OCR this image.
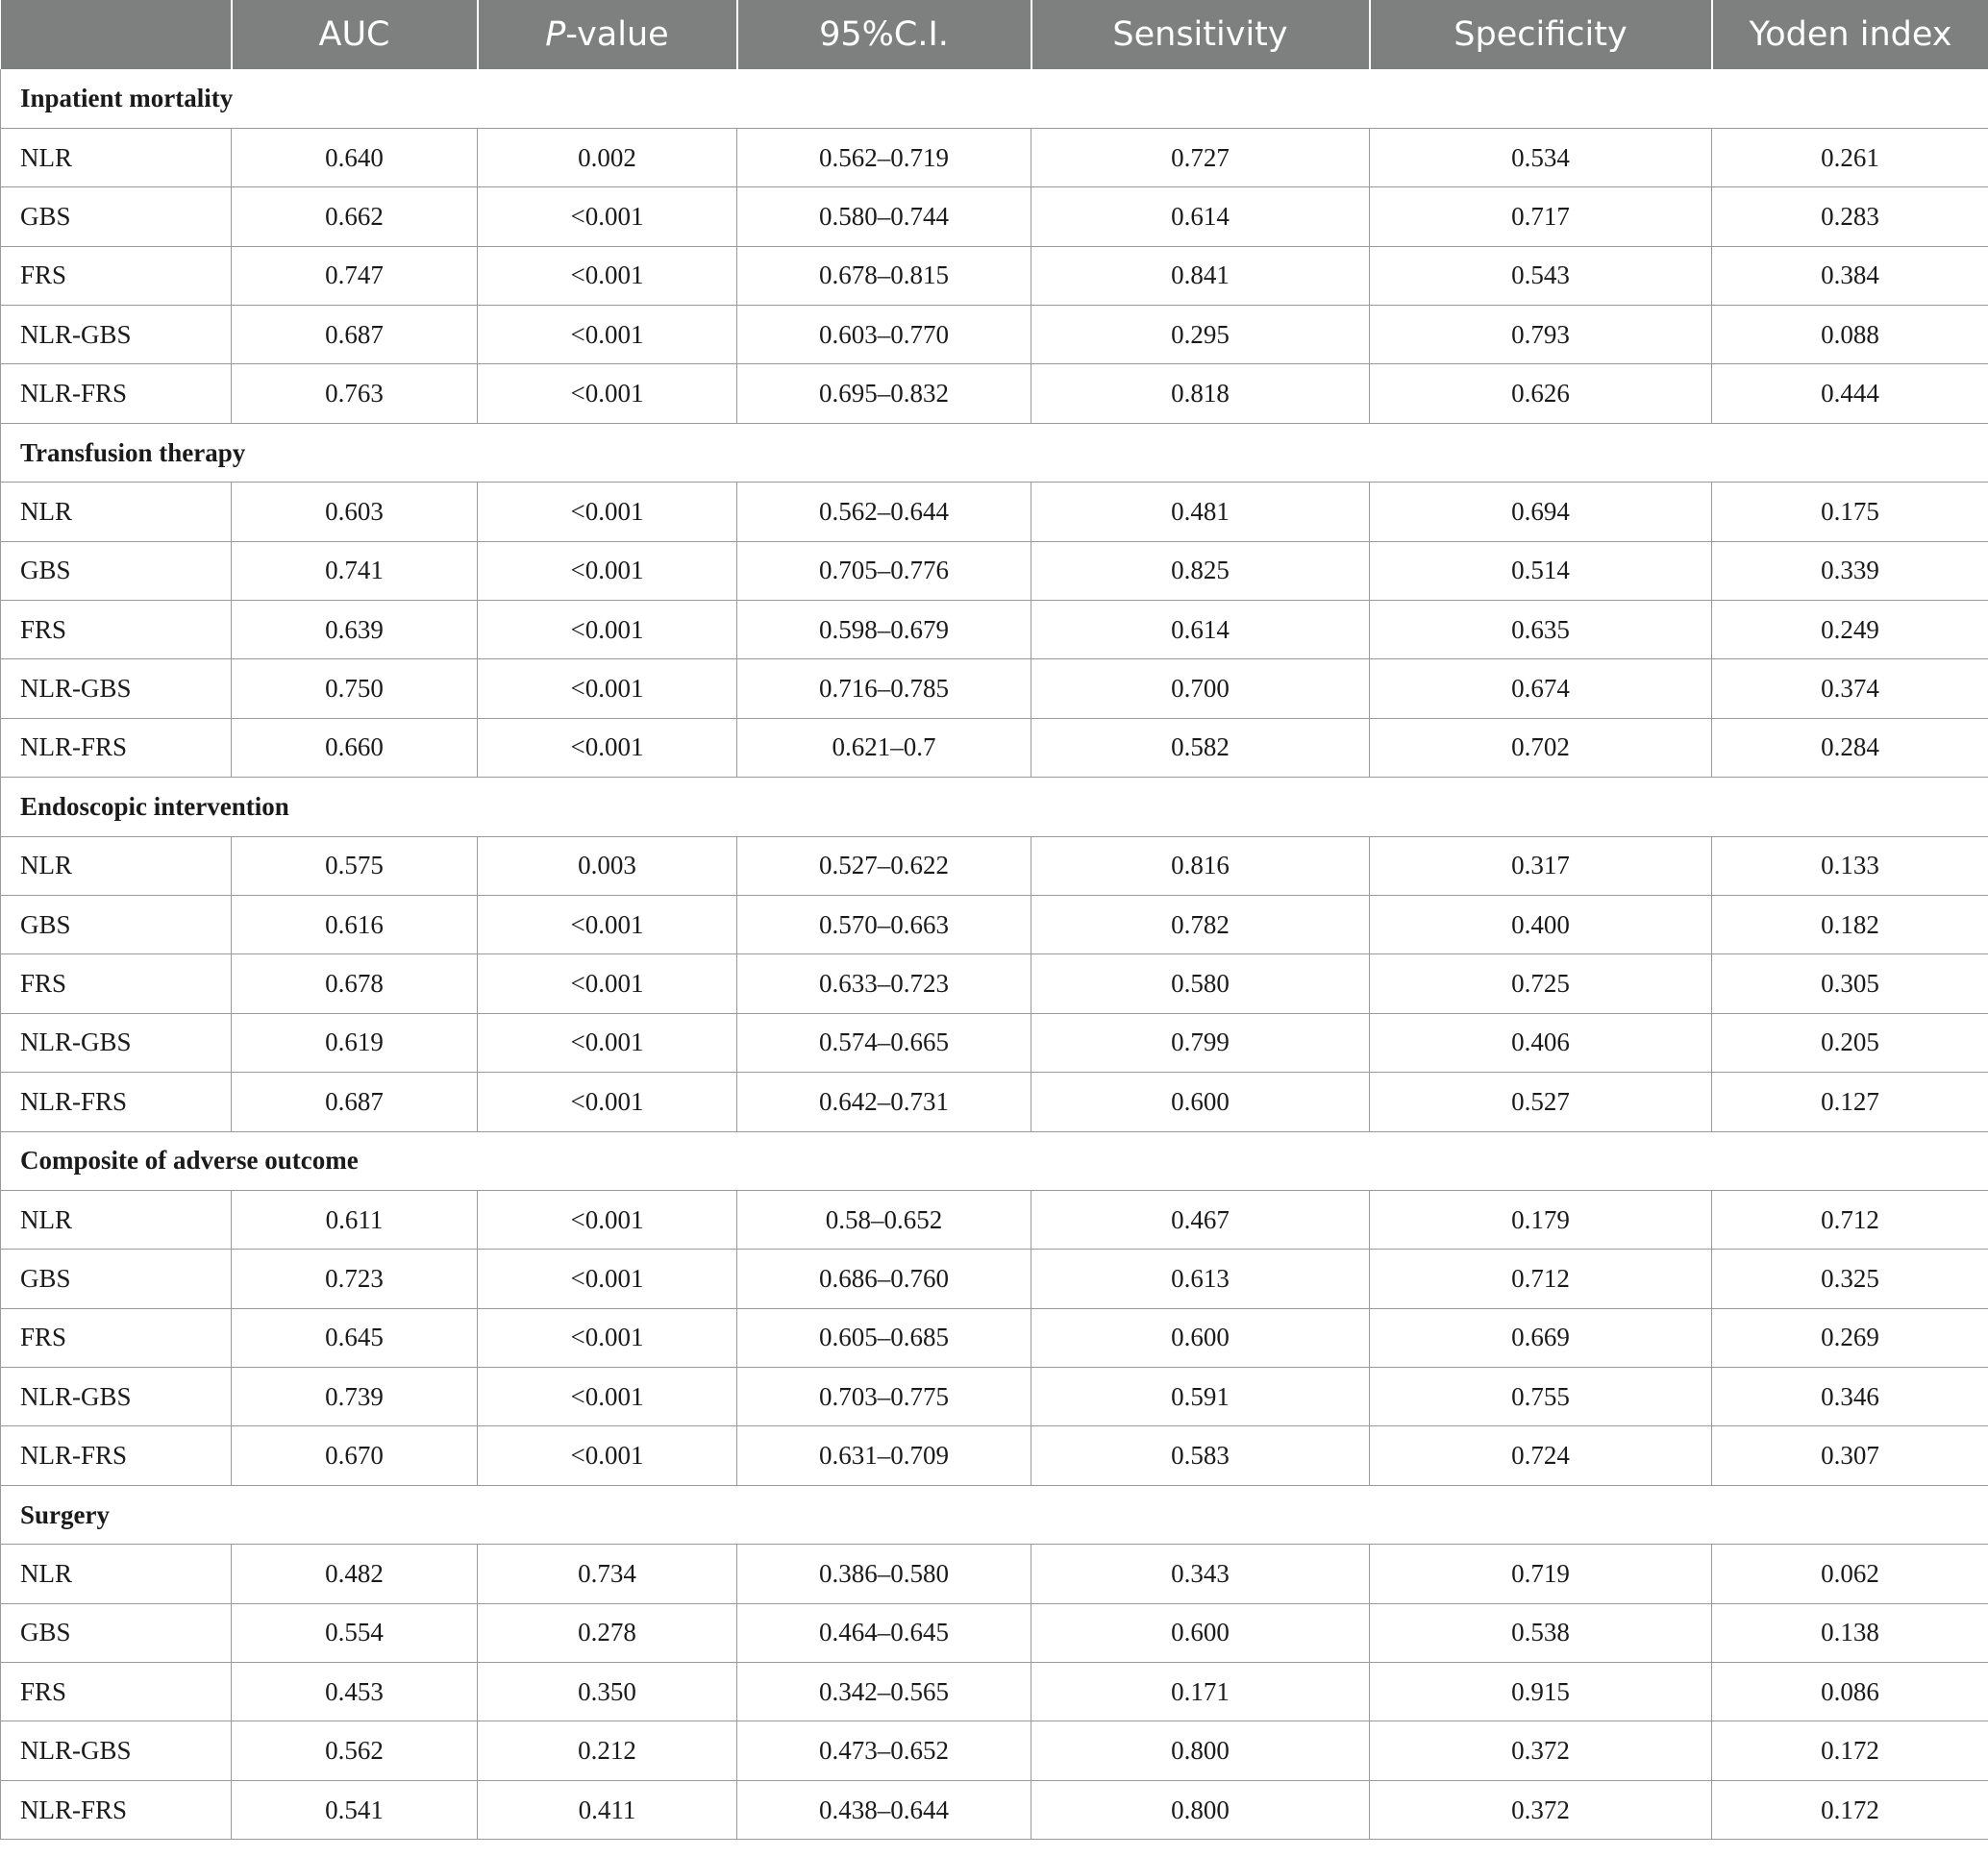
	AUC	P-value	95%C.I.	Sensitivity	Specificity	Yoden index
Inpatient mortality						
NLR	0.640	0.002	0.562–0.719	0.727	0.534	0.261
GBS	0.662	<0.001	0.580–0.744	0.614	0.717	0.283
FRS	0.747	<0.001	0.678–0.815	0.841	0.543	0.384
NLR-GBS	0.687	<0.001	0.603–0.770	0.295	0.793	0.088
NLR-FRS	0.763	<0.001	0.695–0.832	0.818	0.626	0.444
Transfusion therapy						
NLR	0.603	<0.001	0.562–0.644	0.481	0.694	0.175
GBS	0.741	<0.001	0.705–0.776	0.825	0.514	0.339
FRS	0.639	<0.001	0.598–0.679	0.614	0.635	0.249
NLR-GBS	0.750	<0.001	0.716–0.785	0.700	0.674	0.374
NLR-FRS	0.660	<0.001	0.621–0.7	0.582	0.702	0.284
Endoscopic intervention						
NLR	0.575	0.003	0.527–0.622	0.816	0.317	0.133
GBS	0.616	<0.001	0.570–0.663	0.782	0.400	0.182
FRS	0.678	<0.001	0.633–0.723	0.580	0.725	0.305
NLR-GBS	0.619	<0.001	0.574–0.665	0.799	0.406	0.205
NLR-FRS	0.687	<0.001	0.642–0.731	0.600	0.527	0.127
Composite of adverse outcome						
NLR	0.611	<0.001	0.58–0.652	0.467	0.179	0.712
GBS	0.723	<0.001	0.686–0.760	0.613	0.712	0.325
FRS	0.645	<0.001	0.605–0.685	0.600	0.669	0.269
NLR-GBS	0.739	<0.001	0.703–0.775	0.591	0.755	0.346
NLR-FRS	0.670	<0.001	0.631–0.709	0.583	0.724	0.307
Surgery						
NLR	0.482	0.734	0.386–0.580	0.343	0.719	0.062
GBS	0.554	0.278	0.464–0.645	0.600	0.538	0.138
FRS	0.453	0.350	0.342–0.565	0.171	0.915	0.086
NLR-GBS	0.562	0.212	0.473–0.652	0.800	0.372	0.172
NLR-FRS	0.541	0.411	0.438–0.644	0.800	0.372	0.172
